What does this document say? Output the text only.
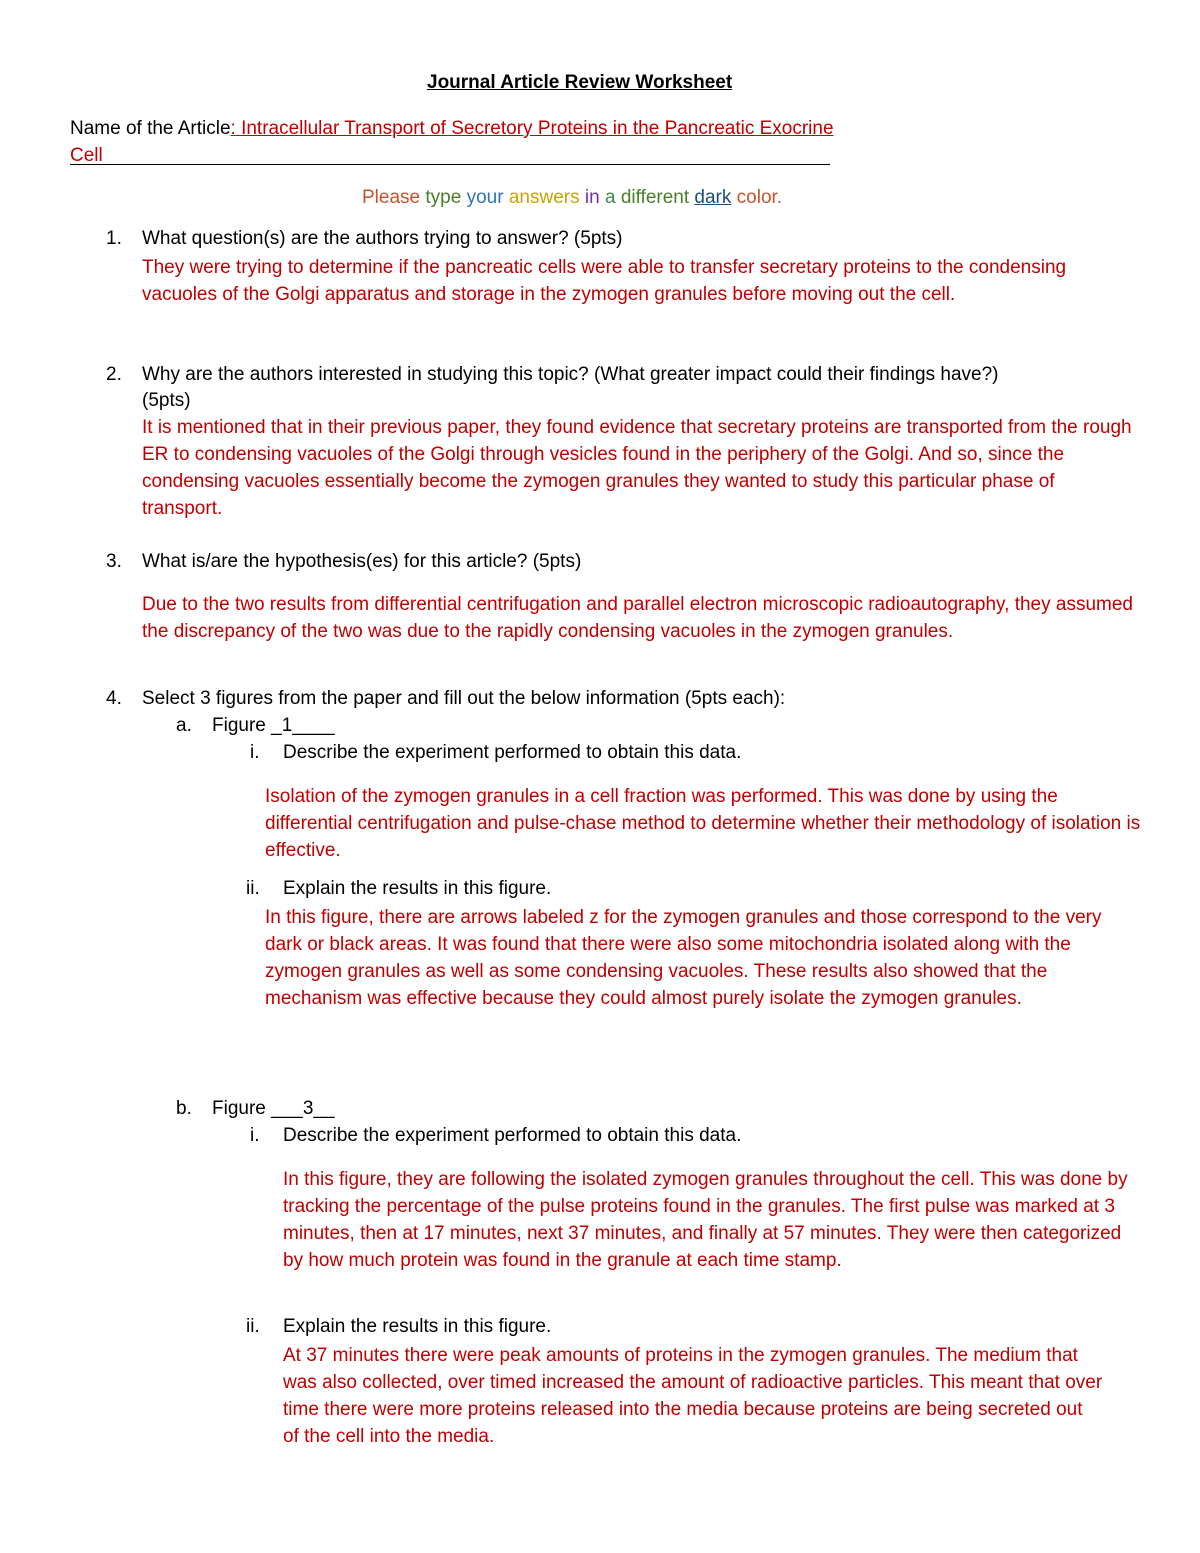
Journal Article Review Worksheet
Name of the Article: Intracellular Transport of Secretory Proteins in the Pancreatic Exocrine
Cell
Please type your answers in a different dark color.
1. What question(s) are the authors trying to answer? (5pts)
They were trying to determine if the pancreatic cells were able to transfer secretary proteins to the condensing vacuoles of the Golgi apparatus and storage in the zymogen granules before moving out the cell.
2. Why are the authors interested in studying this topic? (What greater impact could their findings have?)
(5pts)
It is mentioned that in their previous paper, they found evidence that secretary proteins are transported from the rough ER to condensing vacuoles of the Golgi through vesicles found in the periphery of the Golgi. And so, since the condensing vacuoles essentially become the zymogen granules they wanted to study this particular phase of transport.
3. What is/are the hypothesis(es) for this article? (5pts)
Due to the two results from differential centrifugation and parallel electron microscopic radioautography, they assumed the discrepancy of the two was due to the rapidly condensing vacuoles in the zymogen granules.
4. Select 3 figures from the paper and fill out the below information (5pts each):
a. Figure _1____
i. Describe the experiment performed to obtain this data.
Isolation of the zymogen granules in a cell fraction was performed. This was done by using the differential centrifugation and pulse-chase method to determine whether their methodology of isolation is effective.
ii. Explain the results in this figure.
In this figure, there are arrows labeled z for the zymogen granules and those correspond to the very dark or black areas. It was found that there were also some mitochondria isolated along with the zymogen granules as well as some condensing vacuoles. These results also showed that the mechanism was effective because they could almost purely isolate the zymogen granules.
b. Figure ___3__
i. Describe the experiment performed to obtain this data.
In this figure, they are following the isolated zymogen granules throughout the cell. This was done by tracking the percentage of the pulse proteins found in the granules. The first pulse was marked at 3 minutes, then at 17 minutes, next 37 minutes, and finally at 57 minutes. They were then categorized by how much protein was found in the granule at each time stamp.
ii. Explain the results in this figure.
At 37 minutes there were peak amounts of proteins in the zymogen granules. The medium that was also collected, over timed increased the amount of radioactive particles. This meant that over time there were more proteins released into the media because proteins are being secreted out of the cell into the media.
